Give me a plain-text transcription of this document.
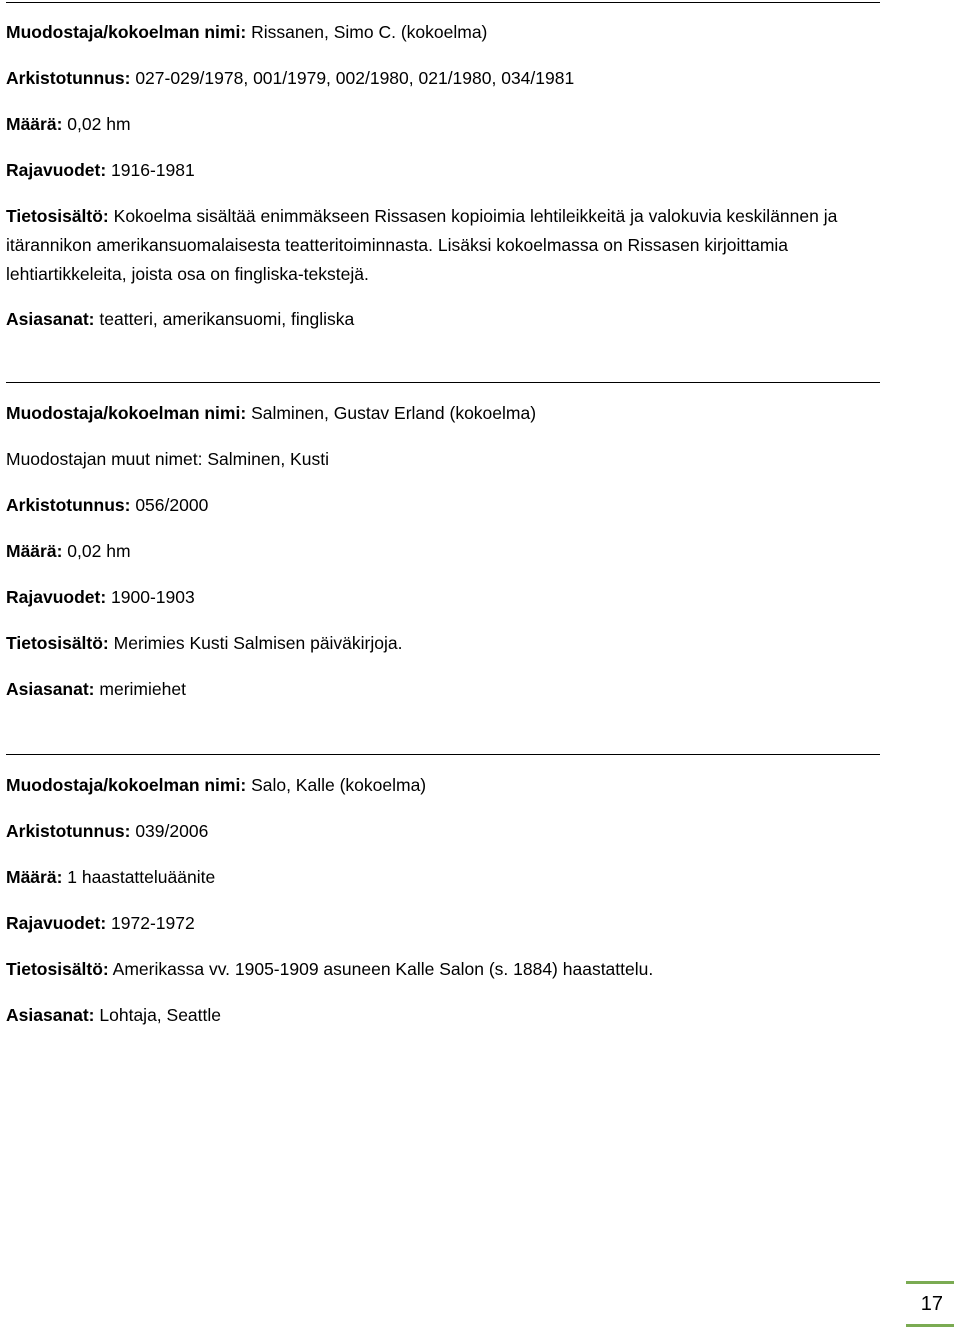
Muodostaja/kokoelman nimi: Rissanen, Simo C. (kokoelma)
Arkistotunnus: 027-029/1978, 001/1979, 002/1980, 021/1980, 034/1981
Määrä: 0,02 hm
Rajavuodet: 1916-1981
Tietosisältö: Kokoelma sisältää enimmäkseen Rissasen kopioimia lehtileikkeitä ja valokuvia keskilännen ja itärannikon amerikansuomalaisesta teatteritoiminnasta. Lisäksi kokoelmassa on Rissasen kirjoittamia lehtiartikkeleita, joista osa on fingliska-tekstejä.
Asiasanat: teatteri, amerikansuomi, fingliska
Muodostaja/kokoelman nimi: Salminen, Gustav Erland (kokoelma)
Muodostajan muut nimet: Salminen, Kusti
Arkistotunnus: 056/2000
Määrä: 0,02 hm
Rajavuodet: 1900-1903
Tietosisältö: Merimies Kusti Salmisen päiväkirjoja.
Asiasanat: merimiehet
Muodostaja/kokoelman nimi: Salo, Kalle (kokoelma)
Arkistotunnus: 039/2006
Määrä: 1 haastatteluäänite
Rajavuodet: 1972-1972
Tietosisältö: Amerikassa vv. 1905-1909 asuneen Kalle Salon (s. 1884) haastattelu.
Asiasanat: Lohtaja, Seattle
17
